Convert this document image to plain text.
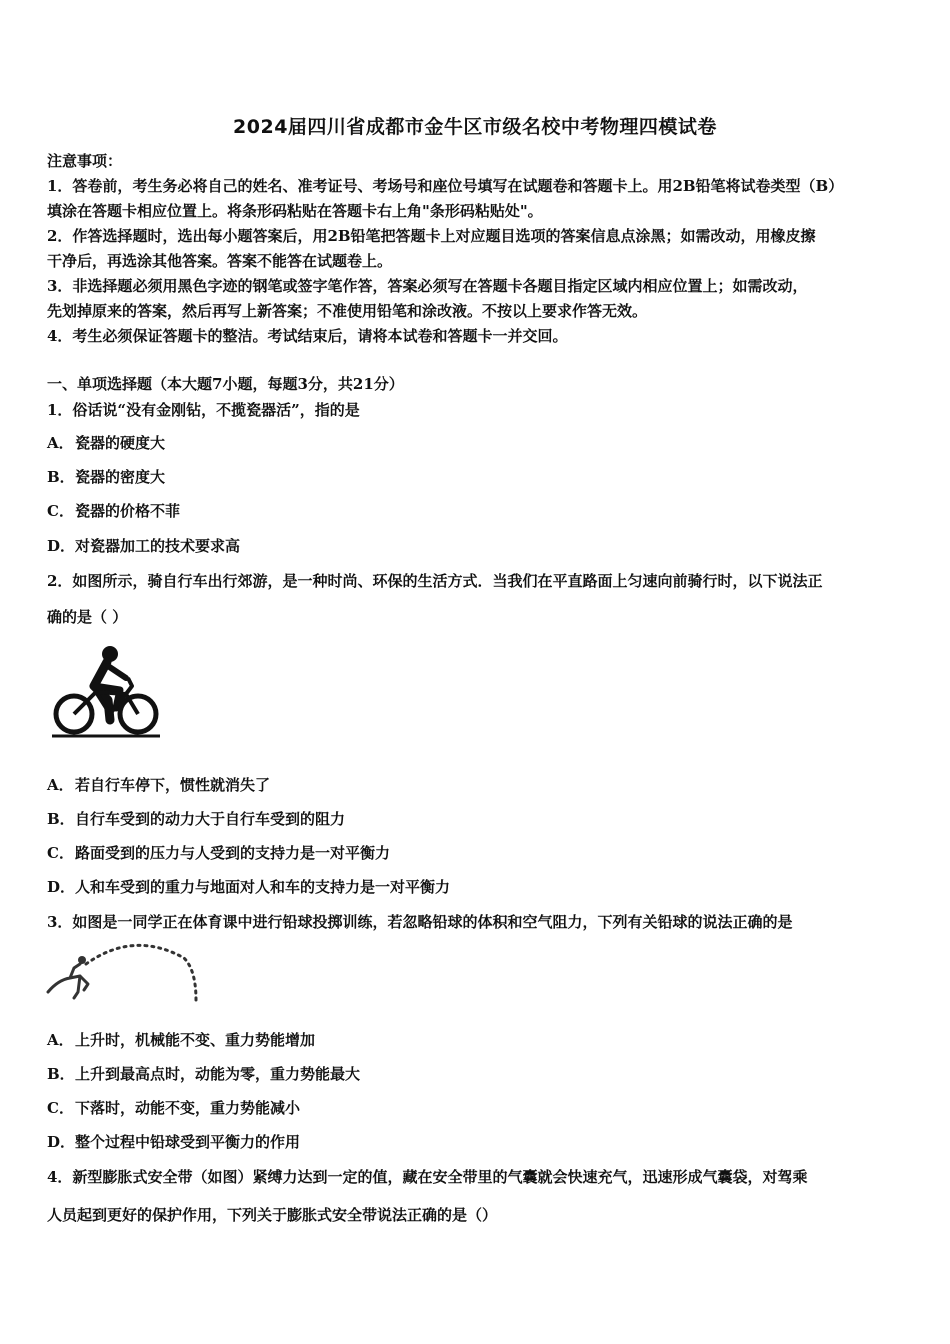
2024届四川省成都市金牛区市级名校中考物理四模试卷
注意事项：
1．答卷前，考生务必将自己的姓名、准考证号、考场号和座位号填写在试题卷和答题卡上。用2B铅笔将试卷类型（B）
填涂在答题卡相应位置上。将条形码粘贴在答题卡右上角"条形码粘贴处"。
2．作答选择题时，选出每小题答案后，用2B铅笔把答题卡上对应题目选项的答案信息点涂黑；如需改动，用橡皮擦
干净后，再选涂其他答案。答案不能答在试题卷上。
3．非选择题必须用黑色字迹的钢笔或签字笔作答，答案必须写在答题卡各题目指定区域内相应位置上；如需改动，
先划掉原来的答案，然后再写上新答案；不准使用铅笔和涂改液。不按以上要求作答无效。
4．考生必须保证答题卡的整洁。考试结束后，请将本试卷和答题卡一并交回。
一、单项选择题（本大题7小题，每题3分，共21分）
1．俗话说“没有金刚钻，不揽瓷器活”，指的是
A．瓷器的硬度大
B．瓷器的密度大
C．瓷器的价格不菲
D．对瓷器加工的技术要求高
2．如图所示，骑自行车出行郊游，是一种时尚、环保的生活方式．当我们在平直路面上匀速向前骑行时，以下说法正
确的是（ ）
A．若自行车停下，惯性就消失了
B．自行车受到的动力大于自行车受到的阻力
C．路面受到的压力与人受到的支持力是一对平衡力
D．人和车受到的重力与地面对人和车的支持力是一对平衡力
3．如图是一同学正在体育课中进行铅球投掷训练，若忽略铅球的体积和空气阻力，下列有关铅球的说法正确的是
A．上升时，机械能不变、重力势能增加
B．上升到最高点时，动能为零，重力势能最大
C．下落时，动能不变，重力势能减小
D．整个过程中铅球受到平衡力的作用
4．新型膨胀式安全带（如图）紧缚力达到一定的值，藏在安全带里的气囊就会快速充气，迅速形成气囊袋，对驾乘
人员起到更好的保护作用，下列关于膨胀式安全带说法正确的是（）
